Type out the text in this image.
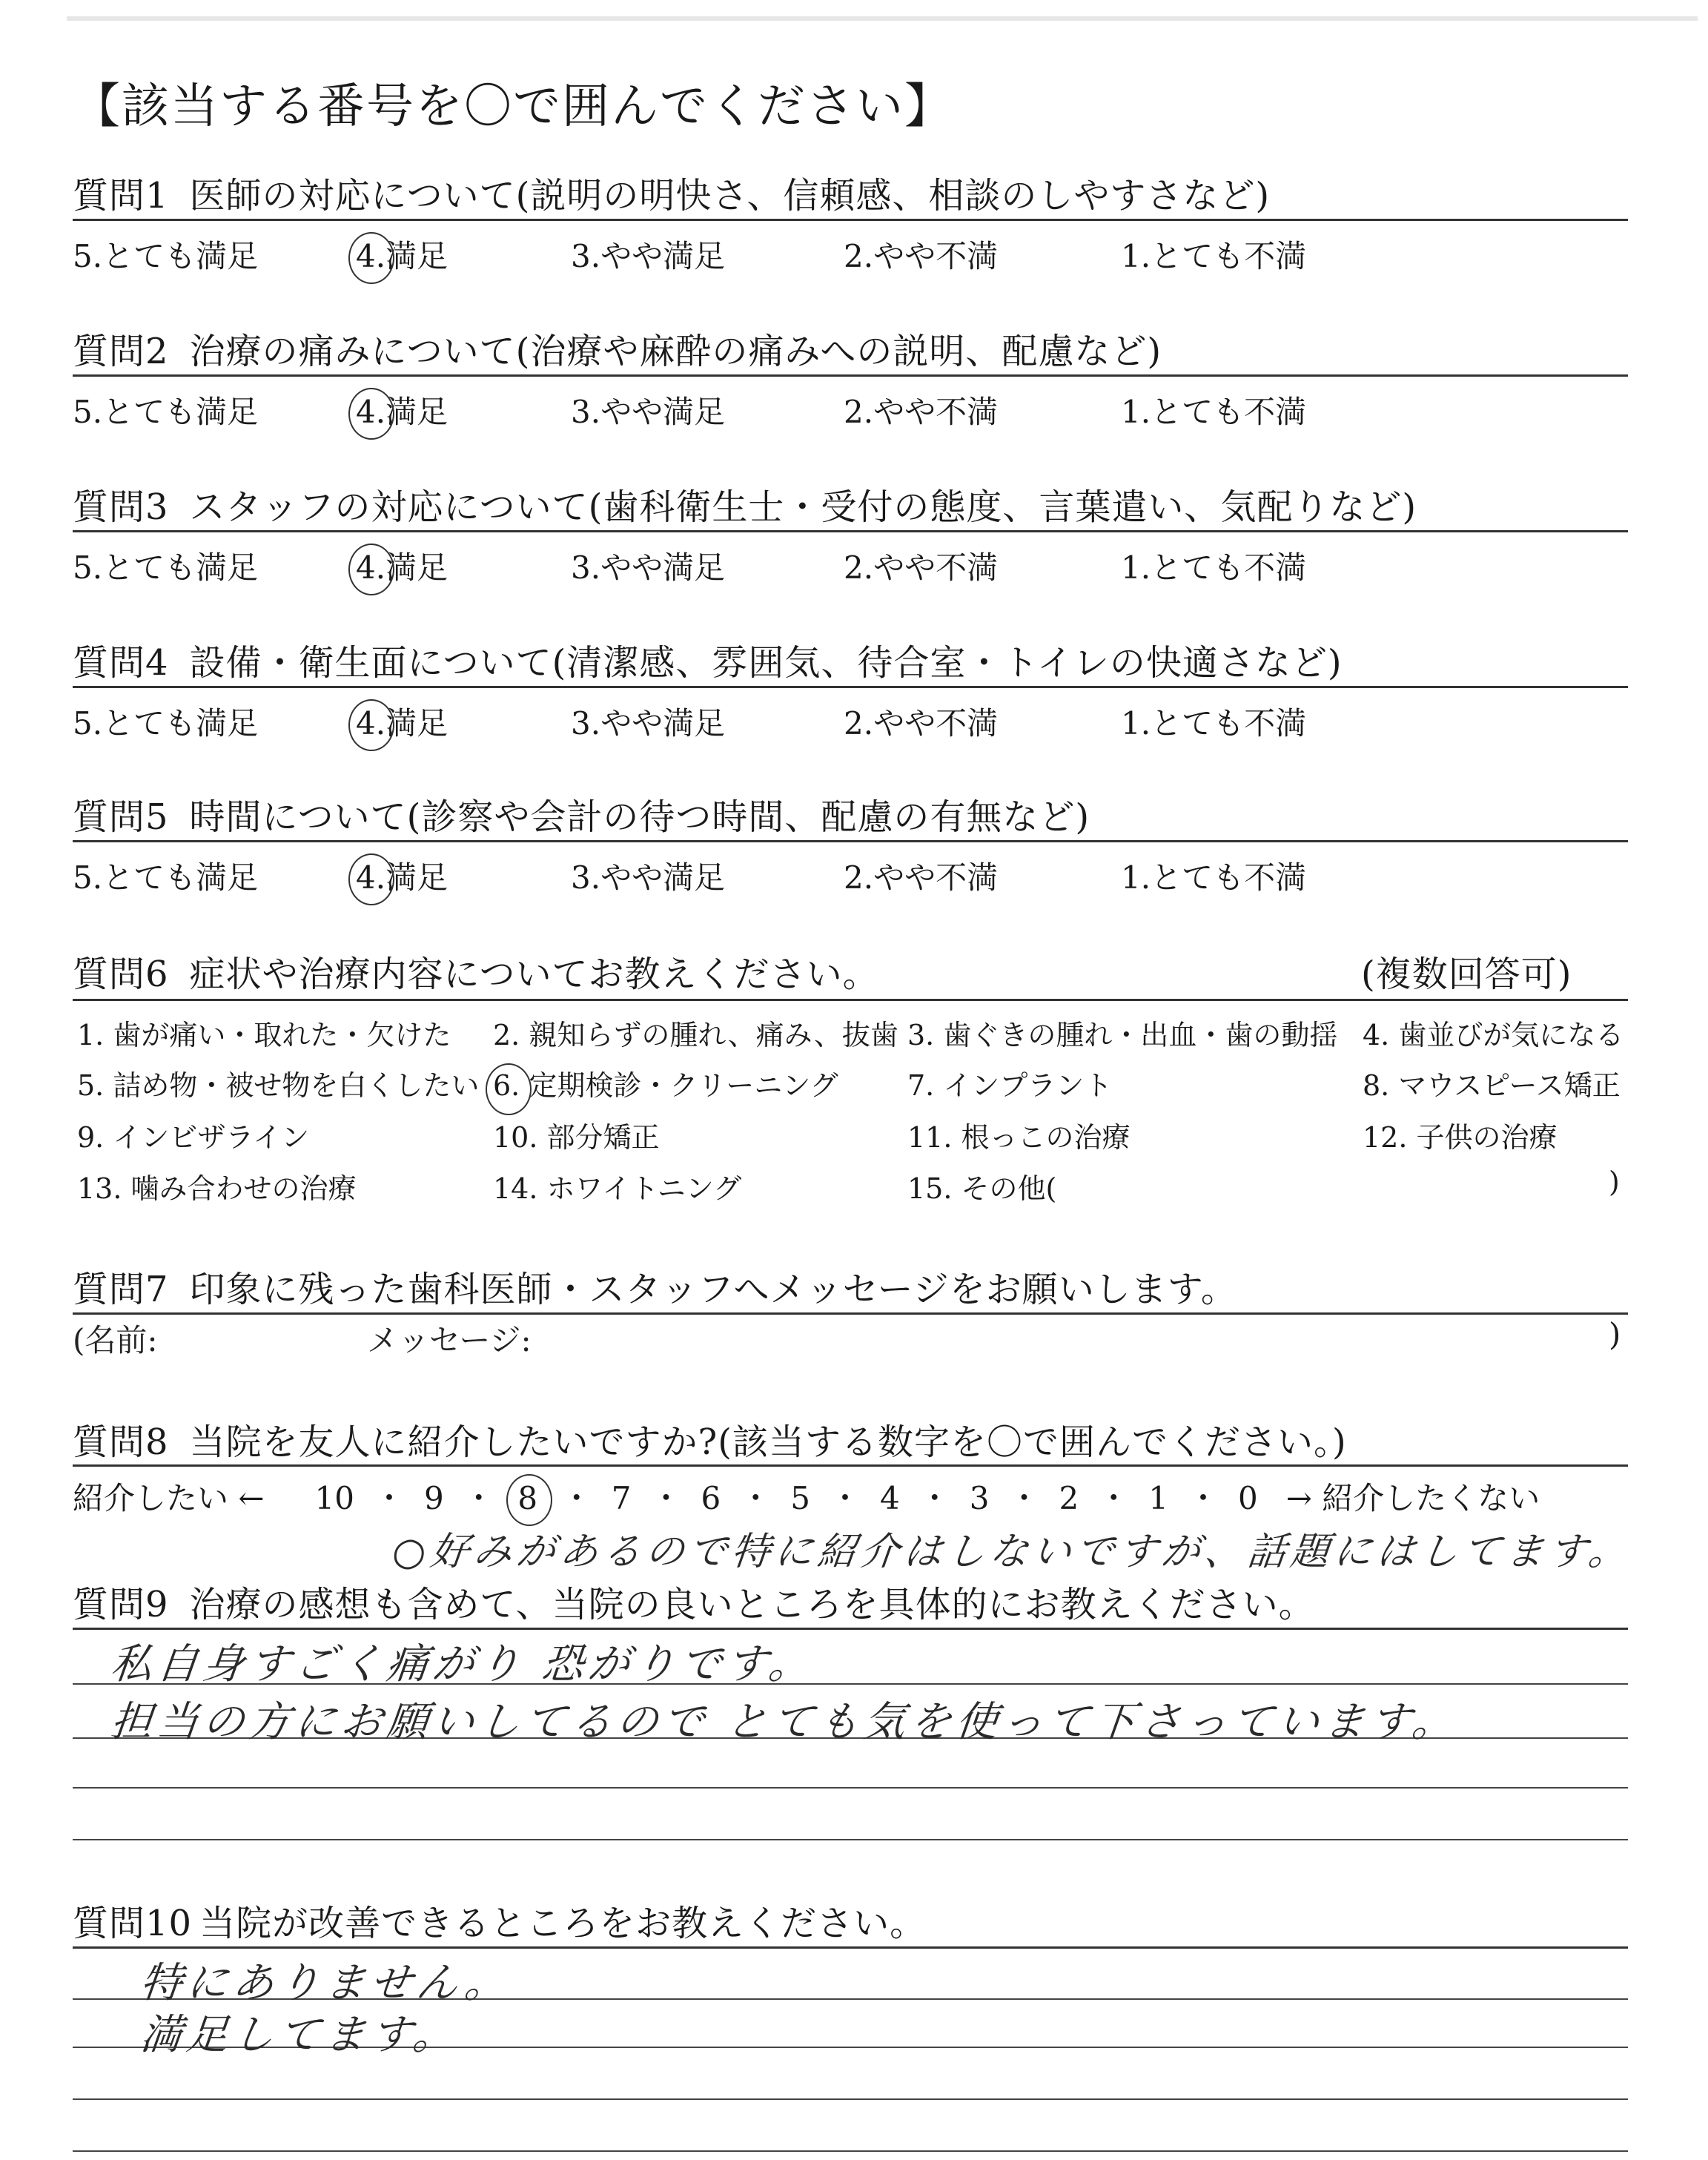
【該当する番号を〇で囲んでください】
質問1 医師の対応について(説明の明快さ、信頼感、相談のしやすさなど)
5.とても満足	4.満足	3.やや満足	2.やや不満	1.とても不満
質問2 治療の痛みについて(治療や麻酔の痛みへの説明、配慮など)
5.とても満足	4.満足	3.やや満足	2.やや不満	1.とても不満
質問3 スタッフの対応について(歯科衛生士・受付の態度、言葉遣い、気配りなど)
5.とても満足	4.満足	3.やや満足	2.やや不満	1.とても不満
質問4 設備・衛生面について(清潔感、雰囲気、待合室・トイレの快適さなど)
5.とても満足	4.満足	3.やや満足	2.やや不満	1.とても不満
質問5 時間について(診察や会計の待つ時間、配慮の有無など)
5.とても満足	4.満足	3.やや満足	2.やや不満	1.とても不満
質問6 症状や治療内容についてお教えください。	(複数回答可)
1. 歯が痛い・取れた・欠けた 2. 親知らずの腫れ、痛み、抜歯 3. 歯ぐきの腫れ・出血・歯の動揺 4. 歯並びが気になる
5. 詰め物・被せ物を白くしたい 6. 定期検診・クリーニング 7. インプラント	8. マウスピース矯正
9. インビザライン	10. 部分矯正	11. 根っこの治療	12. 子供の治療
13. 噛み合わせの治療	14. ホワイトニング	15. その他(	)
質問7 印象に残った歯科医師・スタッフへメッセージをお願いします。
(名前:	メッセージ:	)
質問8 当院を友人に紹介したいですか?(該当する数字を〇で囲んでください。)
紹介したい ← 10 ・ 9 ・ 8 ・ 7 ・ 6 ・ 5 ・ 4 ・ 3 ・ 2 ・ 1 ・ 0 → 紹介したくない
○好みがあるので特に紹介はしないですが、話題にはしてます。
質問9 治療の感想も含めて、当院の良いところを具体的にお教えください。
私自身すごく痛がり 恐がりです。
担当の方にお願いしてるので とても気を使って下さっています。
質問10 当院が改善できるところをお教えください。
特にありません。
満足してます。
